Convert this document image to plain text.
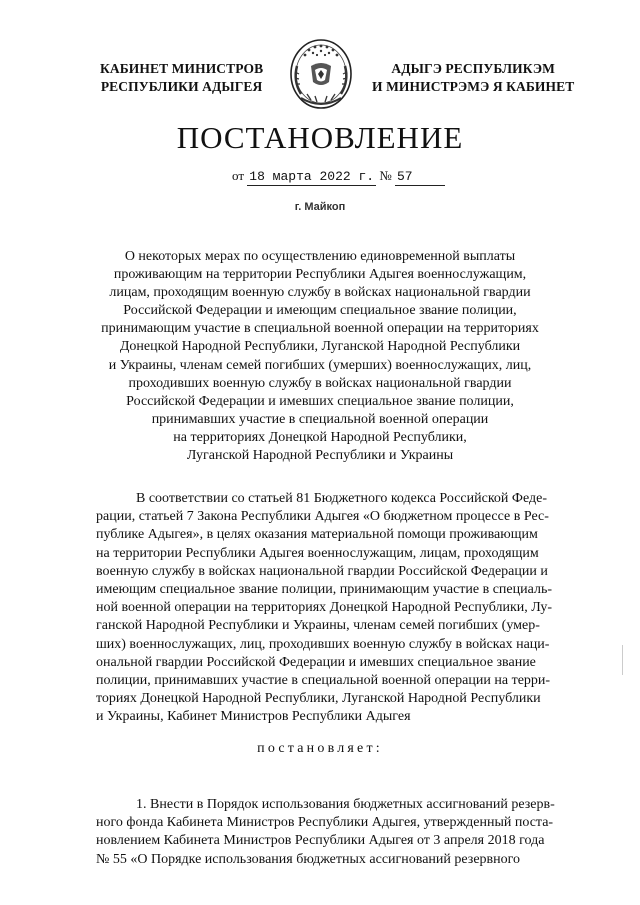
КАБИНЕТ МИНИСТРОВ
РЕСПУБЛИКИ АДЫГЕЯ
АДЫГЭ РЕСПУБЛИКЭМ
И МИНИСТРЭМЭ Я КАБИНЕТ
ПОСТАНОВЛЕНИЕ
от 18 марта 2022 г. № 57
г. Майкоп
О некоторых мерах по осуществлению единовременной выплаты
проживающим на территории Республики Адыгея военнослужащим,
лицам, проходящим военную службу в войсках национальной гвардии
Российской Федерации и имеющим специальное звание полиции,
принимающим участие в специальной военной операции на территориях
Донецкой Народной Республики, Луганской Народной Республики
и Украины, членам семей погибших (умерших) военнослужащих, лиц,
проходивших военную службу в войсках национальной гвардии
Российской Федерации и имевших специальное звание полиции,
принимавших участие в специальной военной операции
на территориях Донецкой Народной Республики,
Луганской Народной Республики и Украины
В соответствии со статьей 81 Бюджетного кодекса Российской Феде-
рации, статьей 7 Закона Республики Адыгея «О бюджетном процессе в Рес-
публике Адыгея», в целях оказания материальной помощи проживающим
на территории Республики Адыгея военнослужащим, лицам, проходящим
военную службу в войсках национальной гвардии Российской Федерации и
имеющим специальное звание полиции, принимающим участие в специаль-
ной военной операции на территориях Донецкой Народной Республики, Лу-
ганской Народной Республики и Украины, членам семей погибших (умер-
ших) военнослужащих, лиц, проходивших военную службу в войсках нaци-
ональной гвардии Российской Федерации и имевших специальное звание
полиции, принимавших участие в специальной военной операции на терри-
ториях Донецкой Народной Республики, Луганской Народной Республики
и Украины, Кабинет Министров Республики Адыгея
постановляет:
1. Внести в Порядок использования бюджетных ассигнований резерв-
ного фонда Кабинета Министров Республики Адыгея, утвержденный поста-
новлением Кабинета Министров Республики Адыгея от 3 апреля 2018 года
№ 55 «О Порядке использования бюджетных ассигнований резервного
